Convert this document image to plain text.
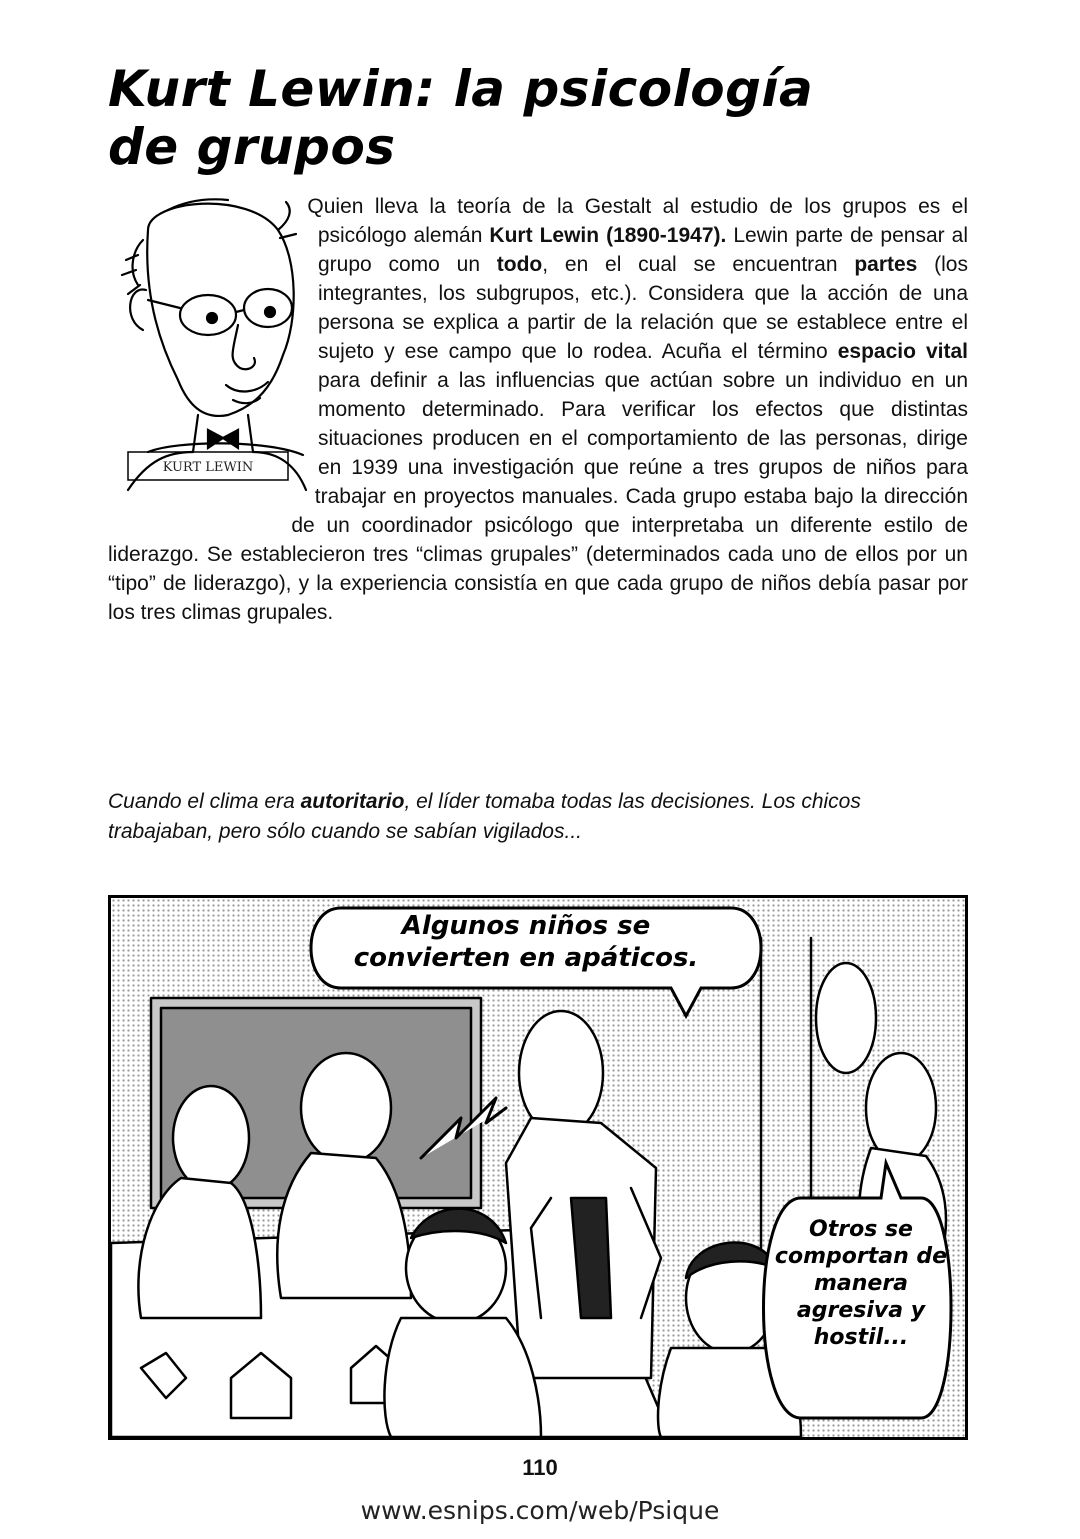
Kurt Lewin: la psicología
de grupos
KURT LEWIN

Quien lleva la teoría de la Gestalt al estudio de los grupos es el psicólogo alemán Kurt Lewin (1890-1947). Lewin parte de pensar al grupo como un todo, en el cual se encuentran partes (los integrantes, los subgrupos, etc.). Considera que la acción de una persona se explica a partir de la relación que se establece entre el sujeto y ese campo que lo rodea. Acuña el término espacio vital para definir a las influencias que actúan sobre un individuo en un momento determinado. Para verificar los efectos que distintas situaciones producen en el comportamiento de las personas, dirige en 1939 una investigación que reúne a tres grupos de niños para trabajar en proyectos manuales. Cada grupo estaba bajo la dirección de un coordinador psicólogo que interpretaba un diferente estilo de liderazgo. Se establecieron tres “climas grupales” (determinados cada uno de ellos por un “tipo” de liderazgo), y la experiencia consistía en que cada grupo de niños debía pasar por los tres climas grupales.

Cuando el clima era autoritario, el líder tomaba todas las decisiones. Los chicos trabajaban, pero sólo cuando se sabían vigilados...

Algunos niños se convierten en apáticos.
Otros se comportan de manera agresiva y hostil...
110
www.esnips.com/web/Psique
